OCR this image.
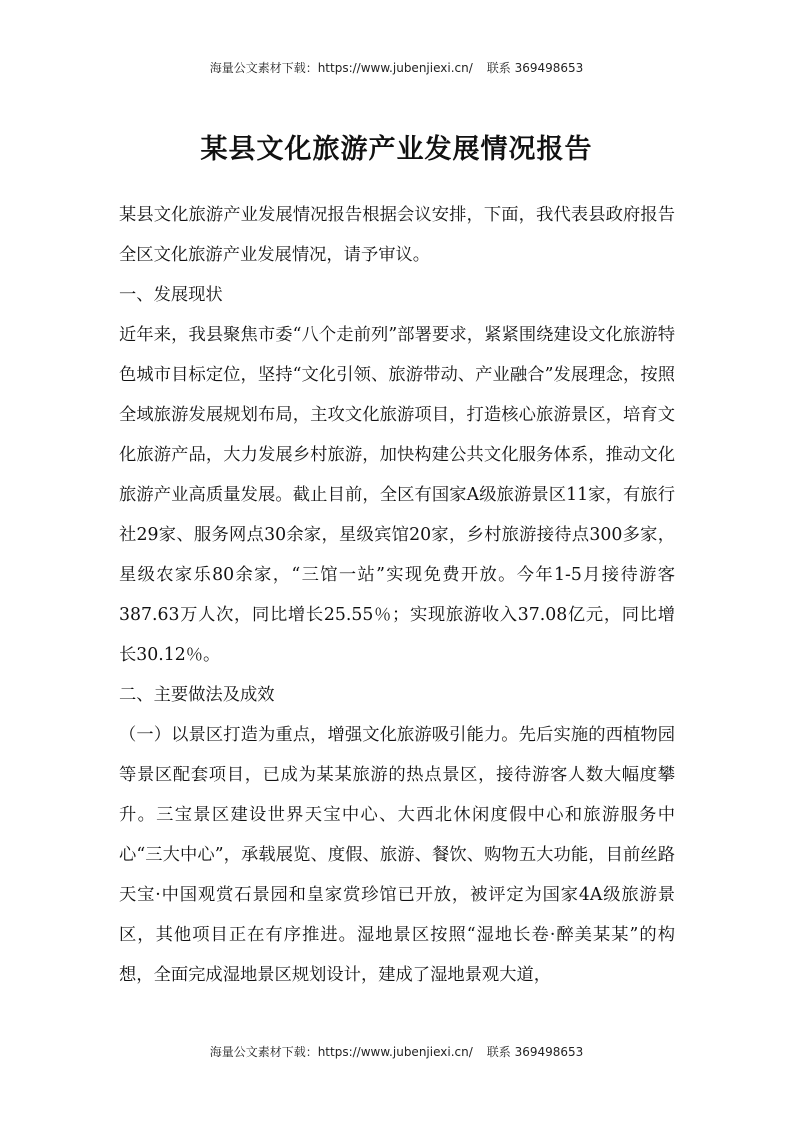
海量公文素材下载：https://www.jubenjiexi.cn/ 联系 369498653
某县文化旅游产业发展情况报告

某县文化旅游产业发展情况报告根据会议安排，下面，我代表县政府报告全区文化旅游产业发展情况，请予审议。

一、发展现状

近年来，我县聚焦市委“八个走前列”部署要求，紧紧围绕建设文化旅游特色城市目标定位，坚持“文化引领、旅游带动、产业融合”发展理念，按照全域旅游发展规划布局，主攻文化旅游项目，打造核心旅游景区，培育文化旅游产品，大力发展乡村旅游，加快构建公共文化服务体系，推动文化旅游产业高质量发展。截止目前，全区有国家A级旅游景区11家，有旅行社29家、服务网点30余家，星级宾馆20家，乡村旅游接待点300多家，星级农家乐80余家，“三馆一站”实现免费开放。今年1-5月接待游客387.63万人次，同比增长25.55％；实现旅游收入37.08亿元，同比增长30.12％。

二、主要做法及成效

（一）以景区打造为重点，增强文化旅游吸引能力。先后实施的西植物园等景区配套项目，已成为某某旅游的热点景区，接待游客人数大幅度攀升。三宝景区建设世界天宝中心、大西北休闲度假中心和旅游服务中心“三大中心”，承载展览、度假、旅游、餐饮、购物五大功能，目前丝路天宝·中国观赏石景园和皇家赏珍馆已开放，被评定为国家4A级旅游景区，其他项目正在有序推进。湿地景区按照“湿地长卷·醉美某某”的构想，全面完成湿地景区规划设计，建成了湿地景观大道，

海量公文素材下载：https://www.jubenjiexi.cn/ 联系 369498653
